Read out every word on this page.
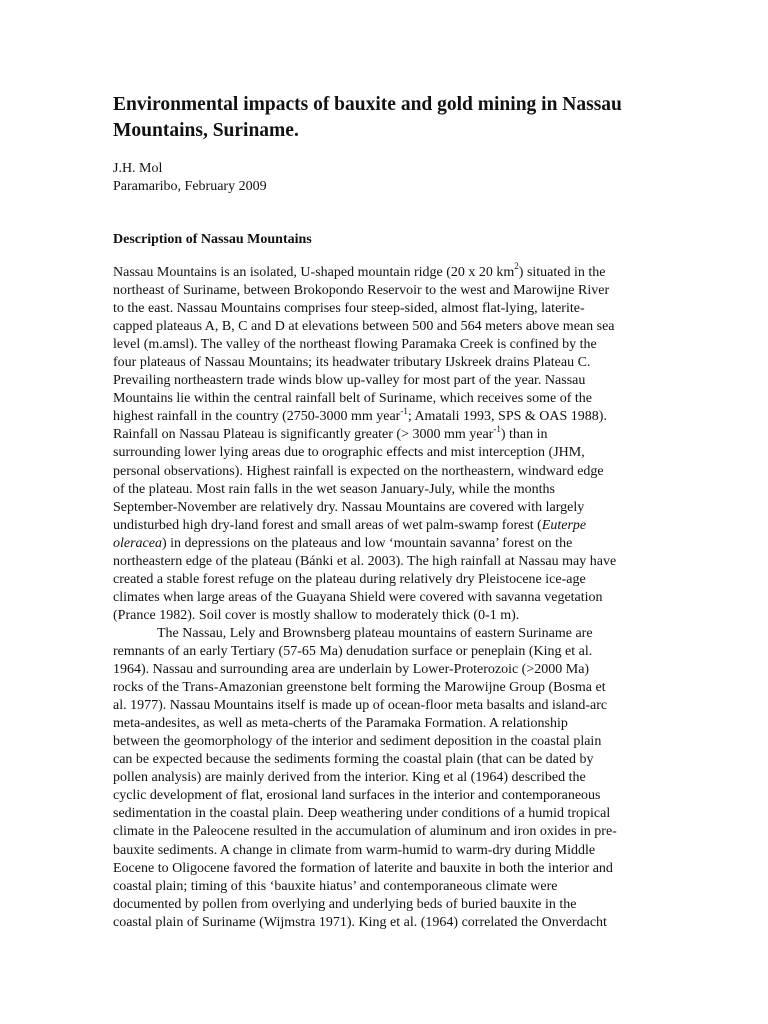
Environmental impacts of bauxite and gold mining in Nassau
Mountains, Suriname.
J.H. Mol
Paramaribo, February 2009
Description of Nassau Mountains
Nassau Mountains is an isolated, U-shaped mountain ridge (20 x 20 $km^2$) situated in the
northeast of Suriname, between Brokopondo Reservoir to the west and Marowijne River
to the east. Nassau Mountains comprises four steep-sided, almost flat-lying, laterite-
capped plateaus A, B, C and D at elevations between 500 and 564 meters above mean sea
level (m.amsl). The valley of the northeast flowing Paramaka Creek is confined by the
four plateaus of Nassau Mountains; its headwater tributary IJskreek drains Plateau C.
Prevailing northeastern trade winds blow up-valley for most part of the year. Nassau
Mountains lie within the central rainfall belt of Suriname, which receives some of the
highest rainfall in the country (2750-3000 mm year$^{-1}$; Amatali 1993, SPS & OAS 1988).
Rainfall on Nassau Plateau is significantly greater (> 3000 mm year$^{-1}$) than in
surrounding lower lying areas due to orographic effects and mist interception (JHM,
personal observations). Highest rainfall is expected on the northeastern, windward edge
of the plateau. Most rain falls in the wet season January-July, while the months
September-November are relatively dry. Nassau Mountains are covered with largely
undisturbed high dry-land forest and small areas of wet palm-swamp forest (Euterpe
oleracea) in depressions on the plateaus and low ‘mountain savanna’ forest on the
northeastern edge of the plateau (Bánki et al. 2003). The high rainfall at Nassau may have
created a stable forest refuge on the plateau during relatively dry Pleistocene ice-age
climates when large areas of the Guayana Shield were covered with savanna vegetation
(Prance 1982). Soil cover is mostly shallow to moderately thick (0-1 m).
The Nassau, Lely and Brownsberg plateau mountains of eastern Suriname are
remnants of an early Tertiary (57-65 Ma) denudation surface or peneplain (King et al.
1964). Nassau and surrounding area are underlain by Lower-Proterozoic (>2000 Ma)
rocks of the Trans-Amazonian greenstone belt forming the Marowijne Group (Bosma et
al. 1977). Nassau Mountains itself is made up of ocean-floor meta basalts and island-arc
meta-andesites, as well as meta-cherts of the Paramaka Formation. A relationship
between the geomorphology of the interior and sediment deposition in the coastal plain
can be expected because the sediments forming the coastal plain (that can be dated by
pollen analysis) are mainly derived from the interior. King et al (1964) described the
cyclic development of flat, erosional land surfaces in the interior and contemporaneous
sedimentation in the coastal plain. Deep weathering under conditions of a humid tropical
climate in the Paleocene resulted in the accumulation of aluminum and iron oxides in pre-
bauxite sediments. A change in climate from warm-humid to warm-dry during Middle
Eocene to Oligocene favored the formation of laterite and bauxite in both the interior and
coastal plain; timing of this ‘bauxite hiatus’ and contemporaneous climate were
documented by pollen from overlying and underlying beds of buried bauxite in the
coastal plain of Suriname (Wijmstra 1971). King et al. (1964) correlated the Onverdacht
